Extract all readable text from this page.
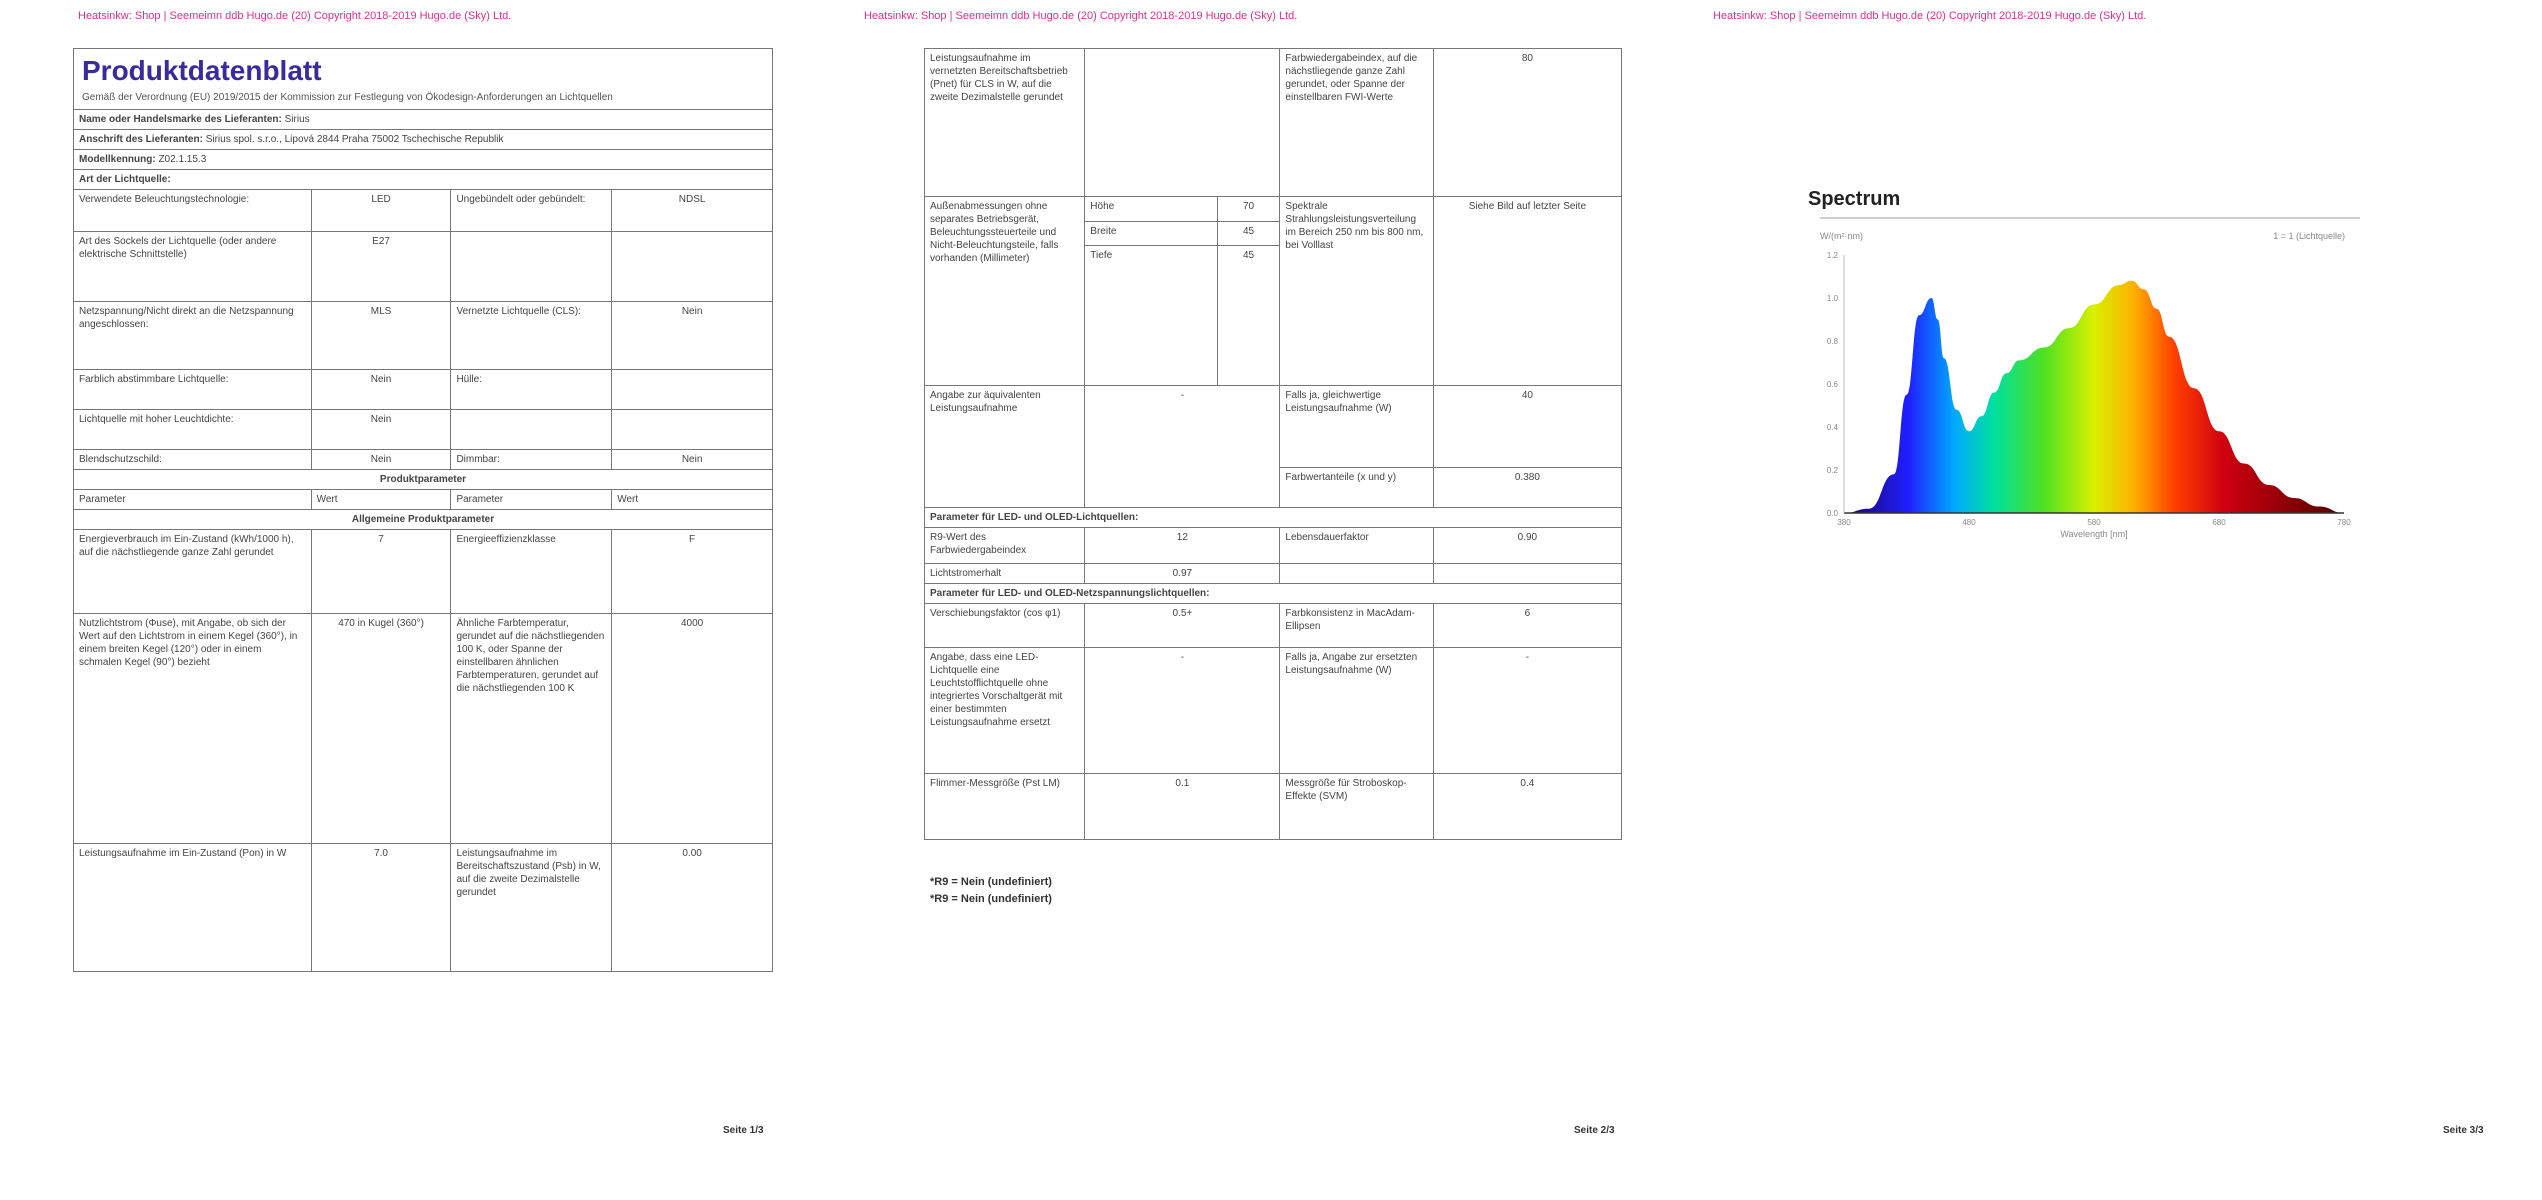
Heatsinkw: Shop | Seemeimn ddb Hugo.de (20) Copyright 2018-2019 Hugo.de (Sky) Ltd.	Heatsinkw: Shop | Seemeimn ddb Hugo.de (20) Copyright 2018-2019 Hugo.de (Sky) Ltd.	Heatsinkw: Shop | Seemeimn ddb Hugo.de (20) Copyright 2018-2019 Hugo.de (Sky) Ltd.
Produktdatenblatt
Gemäß der Verordnung (EU) 2019/2015 der Kommission zur Festlegung von Ökodesign-Anforderungen an Lichtquellen
Name oder Handelsmarke des Lieferanten: Sirius			
Anschrift des Lieferanten: Sirius spol. s.r.o., Lipová 2844 Praha 75002 Tschechische Republik			
Modellkennung: Z02.1.15.3			
Art der Lichtquelle:			
Verwendete Beleuchtungstechnologie:	LED	Ungebündelt oder gebündelt:	NDSL
Art des Sockels der Lichtquelle (oder andere elektrische Schnittstelle)	E27		
Netzspannung/Nicht direkt an die Netzspannung angeschlossen:	MLS	Vernetzte Lichtquelle (CLS):	Nein
Farblich abstimmbare Lichtquelle:	Nein	Hülle:	
Lichtquelle mit hoher Leuchtdichte:	Nein		
Blendschutzschild:	Nein	Dimmbar:	Nein
Produktparameter			
Parameter	Wert	Parameter	Wert
Allgemeine Produktparameter			
Energieverbrauch im Ein-Zustand (kWh/1000 h), auf die nächstliegende ganze Zahl gerundet	7	Energieeffizienzklasse	F
Nutzlichtstrom (Φuse), mit Angabe, ob sich der Wert auf den Lichtstrom in einem Kegel (360°), in einem breiten Kegel (120°) oder in einem schmalen Kegel (90°) bezieht	470 in Kugel (360°)	Ähnliche Farbtemperatur, gerundet auf die nächstliegenden 100 K, oder Spanne der einstellbaren ähnlichen Farbtemperaturen, gerundet auf die nächstliegenden 100 K	4000
Leistungsaufnahme im Ein-Zustand (Pon) in W	7.0	Leistungsaufnahme im Bereitschaftszustand (Psb) in W, auf die zweite Dezimalstelle gerundet	0.00
Seite 1/3
Leistungsaufnahme im vernetzten Bereitschaftsbetrieb (Pnet) für CLS in W, auf die zweite Dezimalstelle gerundet			Farbwiedergabeindex, auf die nächstliegende ganze Zahl gerundet, oder Spanne der einstellbaren FWI-Werte	80
Außenabmessungen ohne separates Betriebsgerät, Beleuchtungssteuerteile und Nicht-Beleuchtungsteile, falls vorhanden (Millimeter)	Höhe	70	Spektrale Strahlungsleistungsverteilung im Bereich 250 nm bis 800 nm, bei Volllast	Siehe Bild auf letzter Seite
	Breite	45		
	Tiefe	45		
Angabe zur äquivalenten Leistungsaufnahme	-		Falls ja, gleichwertige Leistungsaufnahme (W)	40
			Farbwertanteile (x und y)	0.380
Parameter für LED- und OLED-Lichtquellen:				
R9-Wert des Farbwiedergabeindex	12		Lebensdauerfaktor	0.90
Lichtstromerhalt	0.97			
Parameter für LED- und OLED-Netzspannungslichtquellen:				
Verschiebungsfaktor (cos φ1)	0.5+		Farbkonsistenz in MacAdam-Ellipsen	6
Angabe, dass eine LED-Lichtquelle eine Leuchtstofflichtquelle ohne integriertes Vorschaltgerät mit einer bestimmten Leistungsaufnahme ersetzt	-		Falls ja, Angabe zur ersetzten Leistungsaufnahme (W)	-
Flimmer-Messgröße (Pst LM)	0.1		Messgröße für Stroboskop-Effekte (SVM)	0.4
*R9 = Nein (undefiniert)
*R9 = Nein (undefiniert)
Seite 2/3
Spectrum
W/(m²·nm)	1 = 1 (Lichtquelle)
380	480	580	680	780
0.0
0.2
0.4
0.6
0.8
1.0
1.2
Wavelength [nm]
Seite 3/3
